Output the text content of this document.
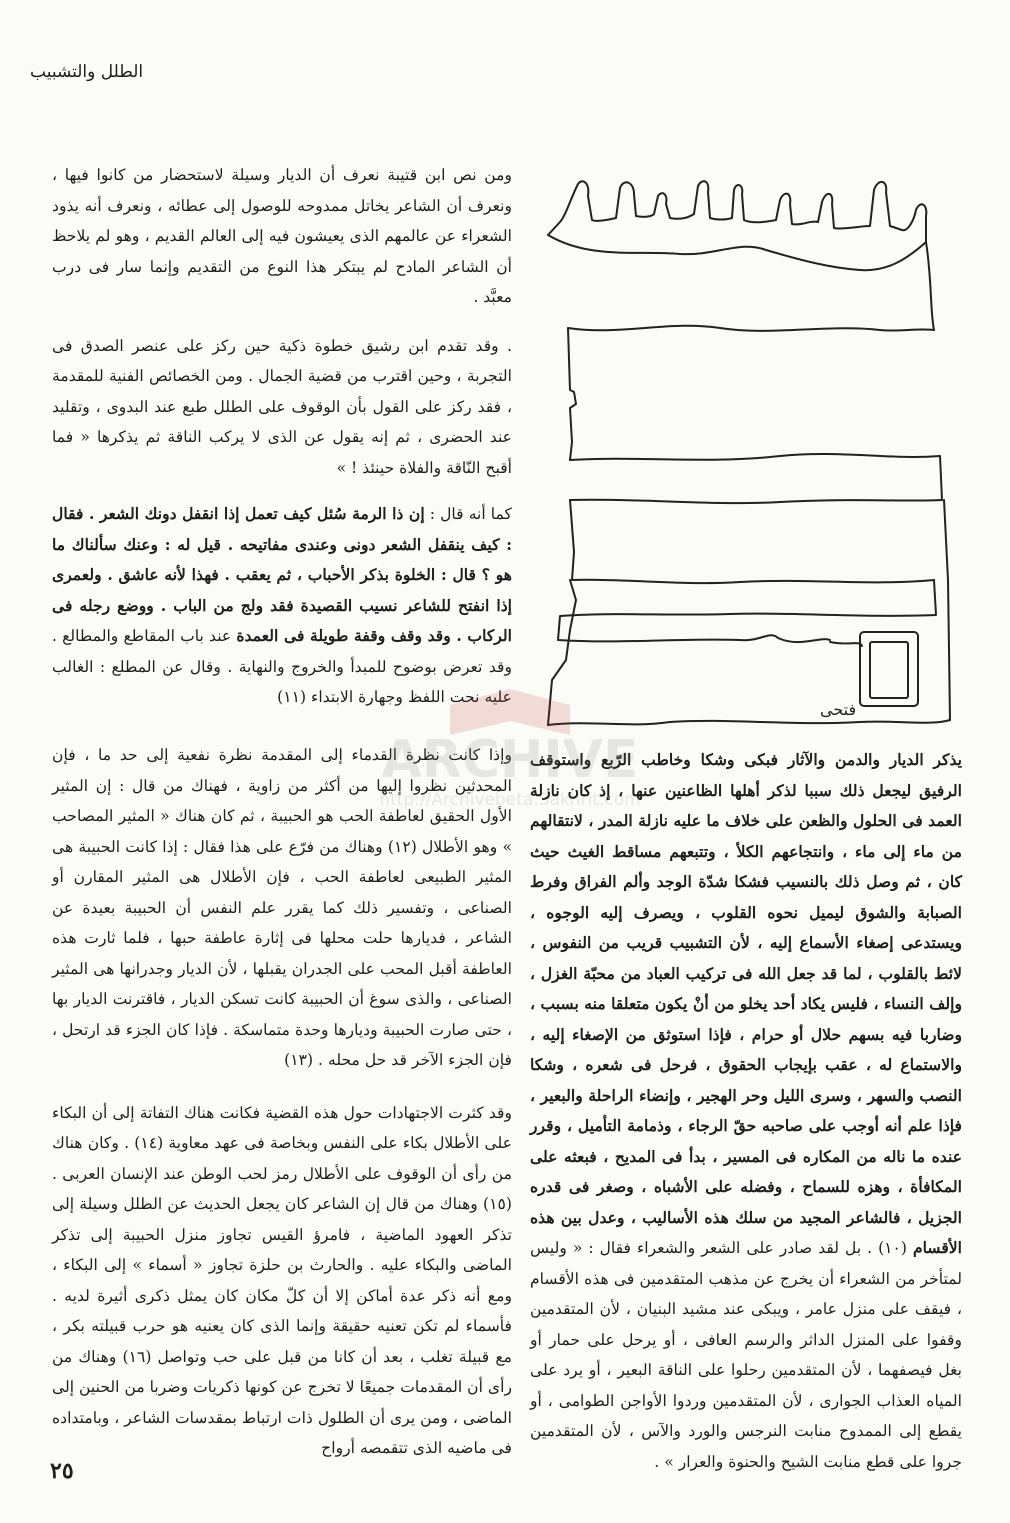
الطلل والتشبيب

ومن نص ابن قتيبة نعرف أن الديار وسيلة لاستحضار من كانوا فيها ، ونعرف أن الشاعر يخاتل ممدوحه للوصول إلى عطائه ، ونعرف أنه يذود الشعراء عن عالمهم الذى يعيشون فيه إلى العالم القديم ، وهو لم يلاحظ أن الشاعر المادح لم يبتكر هذا النوع من التقديم وإنما سار فى درب معبَّد .

. وقد تقدم ابن رشيق خطوة ذكية حين ركز على عنصر الصدق فى التجربة ، وحين اقترب من قضية الجمال . ومن الخصائص الفنية للمقدمة ، فقد ركز على القول بأن الوقوف على الطلل طبع عند البدوى ، وتقليد عند الحضرى ، ثم إنه يقول عن الذى لا يركب الناقة ثم يذكرها « فما أقبح النّاقة والفلاة حينئذ ! »

كما أنه قال : إن ذا الرمة سُئل كيف تعمل إذا انقفل دونك الشعر . فقال : كيف ينقفل الشعر دونى وعندى مفاتيحه . قيل له : وعنك سألناك ما هو ؟ قال : الخلوة بذكر الأحباب ، ثم يعقب . فهذا لأنه عاشق . ولعمرى إذا انفتح للشاعر نسيب القصيدة فقد ولج من الباب . ووضع رجله فى الركاب . وقد وقف وقفة طويلة فى العمدة عند باب المقاطع والمطالع . وقد تعرض بوضوح للمبدأ والخروج والنهاية . وقال عن المطلع : الغالب عليه نحت اللفظ وجهارة الابتداء (١١)

فتحى

وإذا كانت نظرة القدماء إلى المقدمة نظرة نفعية إلى حد ما ، فإن المحدثين نظروا إليها من أكثر من زاوية ، فهناك من قال : إن المثير الأول الحقيق لعاطفة الحب هو الحبيبة ، ثم كان هناك « المثير المصاحب » وهو الأطلال (١٢) وهناك من فرّع على هذا فقال : إذا كانت الحبيبة هى المثير الطبيعى لعاطفة الحب ، فإن الأطلال هى المثير المقارن أو الصناعى ، وتفسير ذلك كما يقرر علم النفس أن الحبيبة بعيدة عن الشاعر ، فديارها حلت محلها فى إثارة عاطفة حبها ، فلما ثارت هذه العاطفة أقبل المحب على الجدران يقبلها ، لأن الديار وجدرانها هى المثير الصناعى ، والذى سوغ أن الحبيبة كانت تسكن الديار ، فاقترنت الديار بها ، حتى صارت الحبيبة وديارها وحدة متماسكة . فإذا كان الجزء قد ارتحل ، فإن الجزء الآخر قد حل محله . (١٣)

وقد كثرت الاجتهادات حول هذه القضية فكانت هناك التفاتة إلى أن البكاء على الأطلال بكاء على النفس وبخاصة فى عهد معاوية (١٤) . وكان هناك من رأى أن الوقوف على الأطلال رمز لحب الوطن عند الإنسان العربى . (١٥) وهناك من قال إن الشاعر كان يجعل الحديث عن الطلل وسيلة إلى تذكر العهود الماضية ، فامرؤ القيس تجاوز منزل الحبيبة إلى تذكر الماضى والبكاء عليه . والحارث بن حلزة تجاوز « أسماء » إلى البكاء ، ومع أنه ذكر عدة أماكن إلا أن كلّ مكان كان يمثل ذكرى أثيرة لديه . فأسماء لم تكن تعنيه حقيقة وإنما الذى كان يعنيه هو حرب قبيلته بكر ، مع قبيلة تغلب ، بعد أن كانا من قبل على حب وتواصل (١٦) وهناك من رأى أن المقدمات جميعًا لا تخرج عن كونها ذكريات وضربا من الحنين إلى الماضى ، ومن يرى أن الطلول ذات ارتباط بمقدسات الشاعر ، وبامتداده فى ماضيه الذى تتقمصه أرواح

يذكر الديار والدمن والآثار فبكى وشكا وخاطب الرّبع واستوقف الرفيق ليجعل ذلك سببا لذكر أهلها الظاعنين عنها ، إذ كان نازلة العمد فى الحلول والظعن على خلاف ما عليه نازلة المدر ، لانتقالهم من ماء إلى ماء ، وانتجاعهم الكلأ ، وتتبعهم مساقط الغيث حيث كان ، ثم وصل ذلك بالنسيب فشكا شدّة الوجد وألم الفراق وفرط الصبابة والشوق ليميل نحوه القلوب ، ويصرف إليه الوجوه ، ويستدعى إصغاء الأسماع إليه ، لأن التشبيب قريب من النفوس ، لائط بالقلوب ، لما قد جعل الله فى تركيب العباد من محبّة الغزل ، وإلف النساء ، فليس يكاد أحد يخلو من أنْ يكون متعلقا منه بسبب ، وضاربا فيه بسهم حلال أو حرام ، فإذا استوثق من الإصغاء إليه ، والاستماع له ، عقب بإيجاب الحقوق ، فرحل فى شعره ، وشكا النصب والسهر ، وسرى الليل وحر الهجير ، وإنضاء الراحلة والبعير ، فإذا علم أنه أوجب على صاحبه حقّ الرجاء ، وذمامة التأميل ، وقرر عنده ما ناله من المكاره فى المسير ، بدأ فى المديح ، فبعثه على المكافأة ، وهزه للسماح ، وفضله على الأشباه ، وصغر فى قدره الجزيل ، فالشاعر المجيد من سلك هذه الأساليب ، وعدل بين هذه الأقسام (١٠) . بل لقد صادر على الشعر والشعراء فقال : « وليس لمتأخر من الشعراء أن يخرج عن مذهب المتقدمين فى هذه الأقسام ، فيقف على منزل عامر ، ويبكى عند مشيد البنيان ، لأن المتقدمين وقفوا على المنزل الداثر والرسم العافى ، أو يرحل على حمار أو بغل فيصفهما ، لأن المتقدمين رحلوا على الناقة البعير ، أو يرد على المياه العذاب الجوارى ، لأن المتقدمين وردوا الأواجن الطوامى ، أو يقطع إلى الممدوح منابت النرجس والورد والآس ، لأن المتقدمين جروا على قطع منابت الشيح والحنوة والعرار » .

ARCHIVE
http://Archivebeta.Sakhrit.com
٢٥
